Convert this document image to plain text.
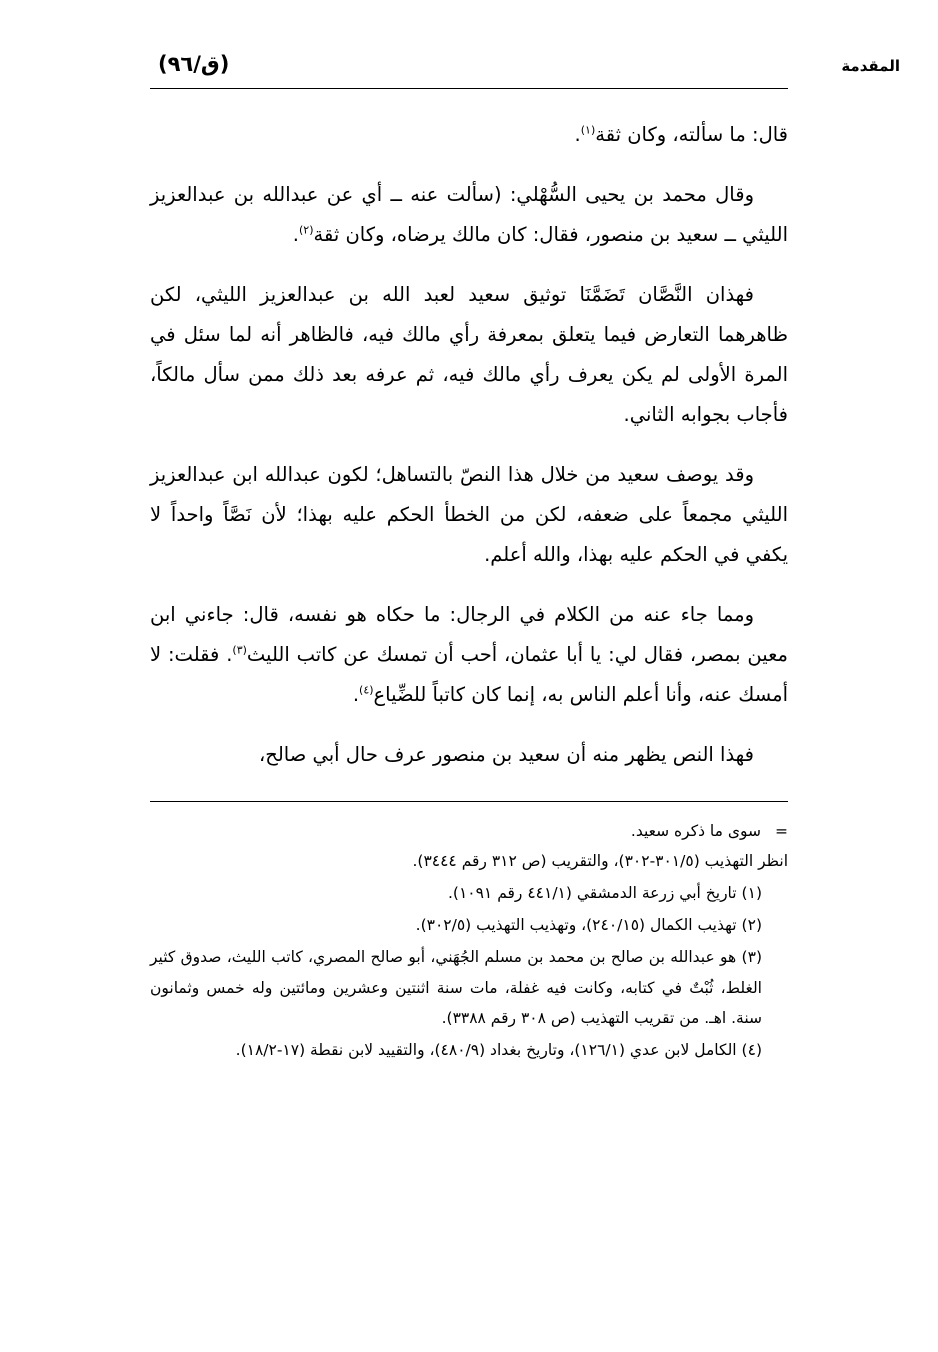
(ق/٩٦)	المقدمة

قال: ما سألته، وكان ثقة$^{(١)}$.

وقال محمد بن يحيى السُّهْلي: (سألت عنه ــ أي عن عبدالله بن عبدالعزيز الليثي ــ سعيد بن منصور، فقال: كان مالك يرضاه، وكان ثقة$^{(٢)}$.

فهذان النَّصَّان تَضَمَّنَا توثيق سعيد لعبد الله بن عبدالعزيز الليثي، لكن ظاهرهما التعارض فيما يتعلق بمعرفة رأي مالك فيه، فالظاهر أنه لما سئل في المرة الأولى لم يكن يعرف رأي مالك فيه، ثم عرفه بعد ذلك ممن سأل مالكاً، فأجاب بجوابه الثاني.

وقد يوصف سعيد من خلال هذا النصّ بالتساهل؛ لكون عبدالله ابن عبدالعزيز الليثي مجمعاً على ضعفه، لكن من الخطأ الحكم عليه بهذا؛ لأن نَصَّاً واحداً لا يكفي في الحكم عليه بهذا، والله أعلم.

ومما جاء عنه من الكلام في الرجال: ما حكاه هو نفسه، قال: جاءني ابن معين بمصر، فقال لي: يا أبا عثمان، أحب أن تمسك عن كاتب الليث$^{(٣)}$. فقلت: لا أمسك عنه، وأنا أعلم الناس به، إنما كان كاتباً للضِّياع$^{(٤)}$.

فهذا النص يظهر منه أن سعيد بن منصور عرف حال أبي صالح،

=
سوى ما ذكره سعيد.

انظر التهذيب (٣٠١/٥-٣٠٢)، والتقريب (ص ٣١٢ رقم ٣٤٤٤).

(١) تاريخ أبي زرعة الدمشقي (٤٤١/١ رقم ١٠٩١).

(٢) تهذيب الكمال (٢٤٠/١٥)، وتهذيب التهذيب (٣٠٢/٥).

(٣) هو عبدالله بن صالح بن محمد بن مسلم الجُهَني، أبو صالح المصري، كاتب الليث، صدوق كثير الغلط، ثُبْتٌ في كتابه، وكانت فيه غفلة، مات سنة اثنتين وعشرين ومائتين وله خمس وثمانون سنة. اهـ. من تقريب التهذيب (ص ٣٠٨ رقم ٣٣٨٨).

(٤) الكامل لابن عدي (١٢٦/١)، وتاريخ بغداد (٤٨٠/٩)، والتقييد لابن نقطة (١٧-١٨/٢).
